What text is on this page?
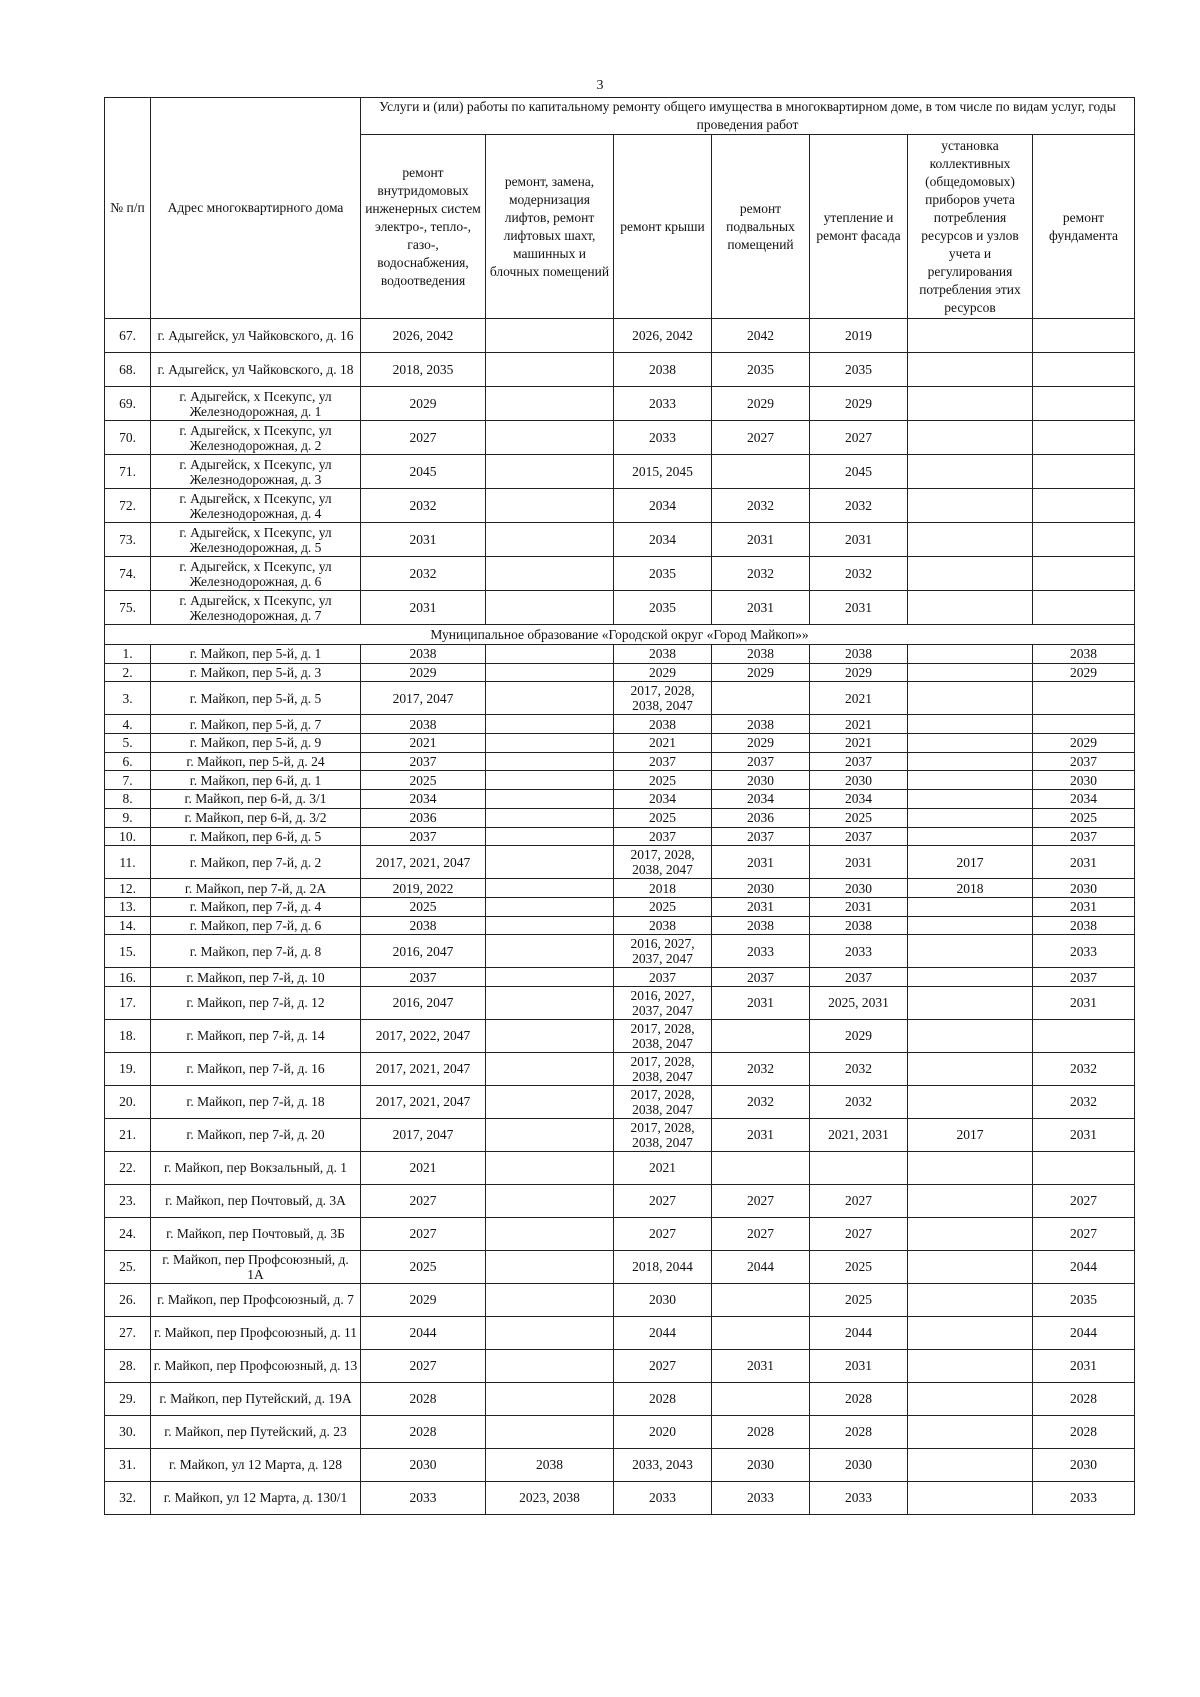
3
№ п/п	Адрес многоквартирного дома	Услуги и (или) работы по капитальному ремонту общего имущества в многоквартирном доме, в том числе по видам услуг, годы проведения работ						
		ремонт внутридомовых инженерных систем электро-, тепло-, газо-, водоснабжения, водоотведения	ремонт, замена, модернизация лифтов, ремонт лифтовых шахт, машинных и блочных помещений	ремонт крыши	ремонт подвальных помещений	утепление и ремонт фасада	установка коллективных (общедомовых) приборов учета потребления ресурсов и узлов учета и регулирования потребления этих ресурсов	ремонт фундамента
67.	г. Адыгейск, ул Чайковского, д. 16	2026, 2042		2026, 2042	2042	2019		
68.	г. Адыгейск, ул Чайковского, д. 18	2018, 2035		2038	2035	2035		
69.	г. Адыгейск, х Псекупс, ул Железнодорожная, д. 1	2029		2033	2029	2029		
70.	г. Адыгейск, х Псекупс, ул Железнодорожная, д. 2	2027		2033	2027	2027		
71.	г. Адыгейск, х Псекупс, ул Железнодорожная, д. 3	2045		2015, 2045		2045		
72.	г. Адыгейск, х Псекупс, ул Железнодорожная, д. 4	2032		2034	2032	2032		
73.	г. Адыгейск, х Псекупс, ул Железнодорожная, д. 5	2031		2034	2031	2031		
74.	г. Адыгейск, х Псекупс, ул Железнодорожная, д. 6	2032		2035	2032	2032		
75.	г. Адыгейск, х Псекупс, ул Железнодорожная, д. 7	2031		2035	2031	2031		
Муниципальное образование «Городской округ «Город Майкоп»»								
1.	г. Майкоп, пер 5-й, д. 1	2038		2038	2038	2038		2038
2.	г. Майкоп, пер 5-й, д. 3	2029		2029	2029	2029		2029
3.	г. Майкоп, пер 5-й, д. 5	2017, 2047		2017, 2028, 2038, 2047		2021		
4.	г. Майкоп, пер 5-й, д. 7	2038		2038	2038	2021		
5.	г. Майкоп, пер 5-й, д. 9	2021		2021	2029	2021		2029
6.	г. Майкоп, пер 5-й, д. 24	2037		2037	2037	2037		2037
7.	г. Майкоп, пер 6-й, д. 1	2025		2025	2030	2030		2030
8.	г. Майкоп, пер 6-й, д. 3/1	2034		2034	2034	2034		2034
9.	г. Майкоп, пер 6-й, д. 3/2	2036		2025	2036	2025		2025
10.	г. Майкоп, пер 6-й, д. 5	2037		2037	2037	2037		2037
11.	г. Майкоп, пер 7-й, д. 2	2017, 2021, 2047		2017, 2028, 2038, 2047	2031	2031	2017	2031
12.	г. Майкоп, пер 7-й, д. 2А	2019, 2022		2018	2030	2030	2018	2030
13.	г. Майкоп, пер 7-й, д. 4	2025		2025	2031	2031		2031
14.	г. Майкоп, пер 7-й, д. 6	2038		2038	2038	2038		2038
15.	г. Майкоп, пер 7-й, д. 8	2016, 2047		2016, 2027, 2037, 2047	2033	2033		2033
16.	г. Майкоп, пер 7-й, д. 10	2037		2037	2037	2037		2037
17.	г. Майкоп, пер 7-й, д. 12	2016, 2047		2016, 2027, 2037, 2047	2031	2025, 2031		2031
18.	г. Майкоп, пер 7-й, д. 14	2017, 2022, 2047		2017, 2028, 2038, 2047		2029		
19.	г. Майкоп, пер 7-й, д. 16	2017, 2021, 2047		2017, 2028, 2038, 2047	2032	2032		2032
20.	г. Майкоп, пер 7-й, д. 18	2017, 2021, 2047		2017, 2028, 2038, 2047	2032	2032		2032
21.	г. Майкоп, пер 7-й, д. 20	2017, 2047		2017, 2028, 2038, 2047	2031	2021, 2031	2017	2031
22.	г. Майкоп, пер Вокзальный, д. 1	2021		2021				
23.	г. Майкоп, пер Почтовый, д. 3А	2027		2027	2027	2027		2027
24.	г. Майкоп, пер Почтовый, д. 3Б	2027		2027	2027	2027		2027
25.	г. Майкоп, пер Профсоюзный, д. 1А	2025		2018, 2044	2044	2025		2044
26.	г. Майкоп, пер Профсоюзный, д. 7	2029		2030		2025		2035
27.	г. Майкоп, пер Профсоюзный, д. 11	2044		2044		2044		2044
28.	г. Майкоп, пер Профсоюзный, д. 13	2027		2027	2031	2031		2031
29.	г. Майкоп, пер Путейский, д. 19А	2028		2028		2028		2028
30.	г. Майкоп, пер Путейский, д. 23	2028		2020	2028	2028		2028
31.	г. Майкоп, ул 12 Марта, д. 128	2030	2038	2033, 2043	2030	2030		2030
32.	г. Майкоп, ул 12 Марта, д. 130/1	2033	2023, 2038	2033	2033	2033		2033
